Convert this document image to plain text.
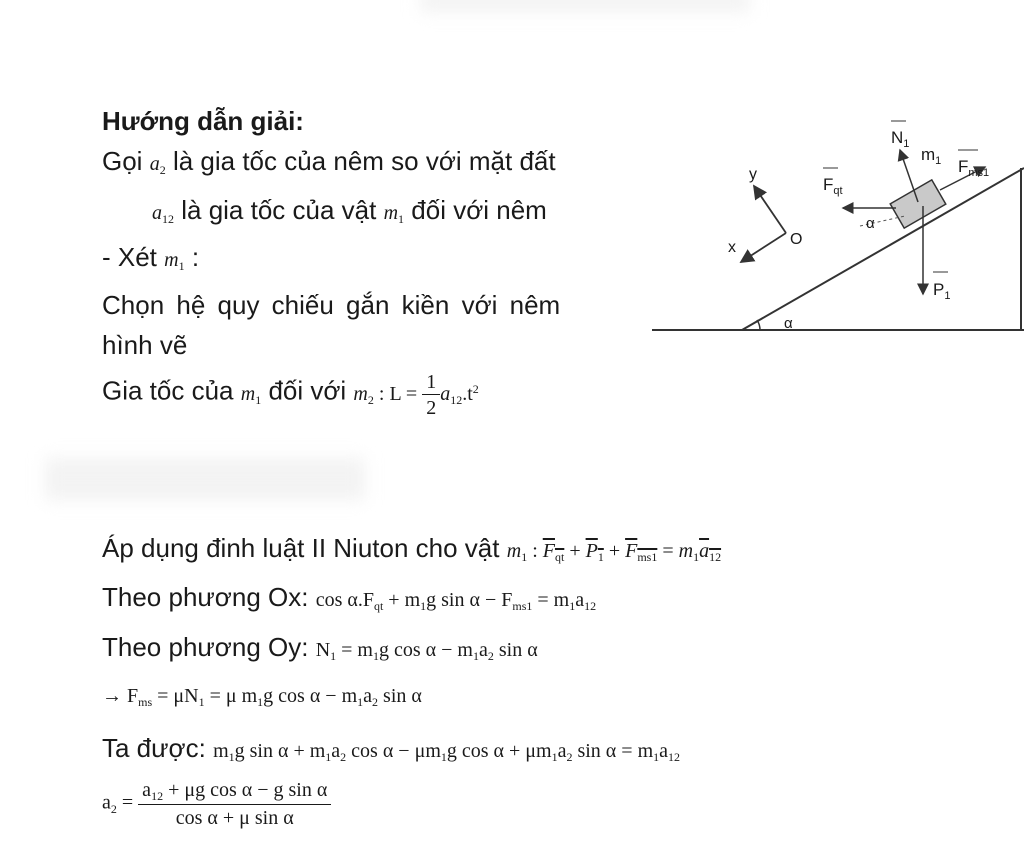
Hướng dẫn giải:
Gọi $a_2$ là gia tốc của nêm so với mặt đất
$a_{12}$ là gia tốc của vật $m_1$ đối với nêm
- Xét $m_1$ :
Chọn hệ quy chiếu gắn kiền với nêm
hình vẽ
Gia tốc của $m_1$ đối với $m_2$ : $L = \frac{1}{2} a_{12}.t^2$
Áp dụng đinh luật II Niuton cho vật $m_1$ : $F_{qt} + P_1 + F_{ms1} = m_1a_{12}$
Theo phương Ox: $\cos \alpha.F_{qt} + m_1g$ $\sin \alpha - F_{ms1} = m_1a_{12}$
Theo phương Oy: $N_1 = m_1g$ $\cos \alpha - m_1a_2$ sin α
→ $F_{ms} = \mu N_1 = \mu$ $m_1g$ $\cos \alpha - m_1a_2$ sin α
Ta được: $m_1g$ $\sin \alpha + m_1a_2$ $\cos \alpha - \mu m_1g$ $\cos \alpha + \mu m_1a_2$ $\sin \alpha = m_1a_{12}$
$a_2 = \frac{a_{12} + \mu g \cos \alpha - g \sin \alpha}{\text{cos α + μ sin α}}$
y
x	O
$F_{qt}$
$N_1$
$m_1$ $F_{ms1}$
$P_1$
α
α
